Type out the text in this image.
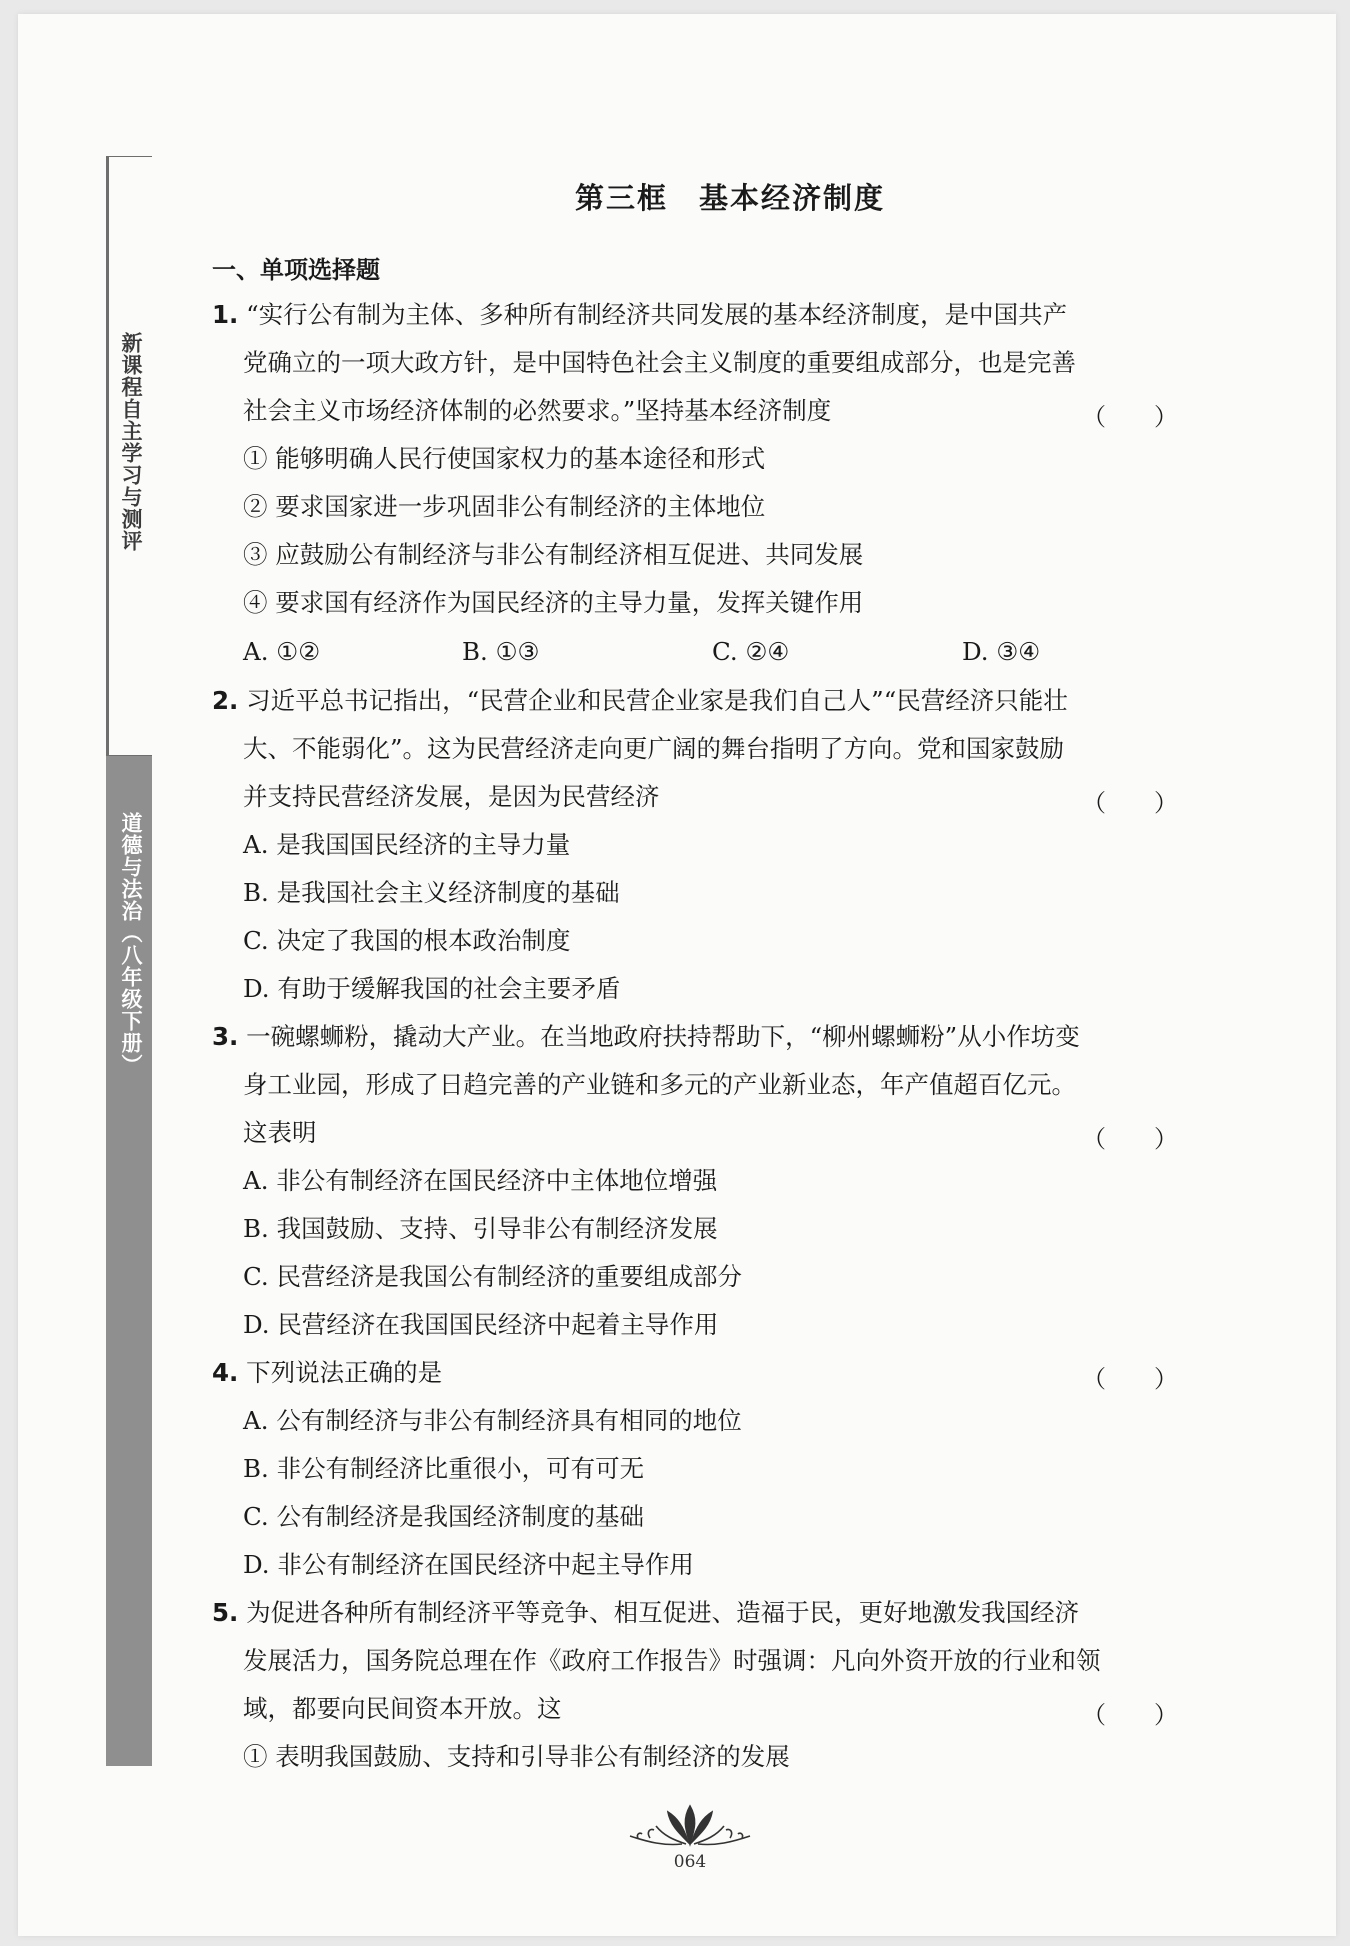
新课程自主学习与测评
道德与法治（八年级下册）
第三框　基本经济制度
一、单项选择题
1. “实行公有制为主体、多种所有制经济共同发展的基本经济制度，是中国共产
党确立的一项大政方针，是中国特色社会主义制度的重要组成部分，也是完善
社会主义市场经济体制的必然要求。”坚持基本经济制度	（　　）
① 能够明确人民行使国家权力的基本途径和形式
② 要求国家进一步巩固非公有制经济的主体地位
③ 应鼓励公有制经济与非公有制经济相互促进、共同发展
④ 要求国有经济作为国民经济的主导力量，发挥关键作用
A. ①②	B. ①③	C. ②④	D. ③④
2. 习近平总书记指出，“民营企业和民营企业家是我们自己人”“民营经济只能壮
大、不能弱化”。这为民营经济走向更广阔的舞台指明了方向。党和国家鼓励
并支持民营经济发展，是因为民营经济	（　　）
A. 是我国国民经济的主导力量
B. 是我国社会主义经济制度的基础
C. 决定了我国的根本政治制度
D. 有助于缓解我国的社会主要矛盾
3. 一碗螺蛳粉，撬动大产业。在当地政府扶持帮助下，“柳州螺蛳粉”从小作坊变
身工业园，形成了日趋完善的产业链和多元的产业新业态，年产值超百亿元。
这表明	（　　）
A. 非公有制经济在国民经济中主体地位增强
B. 我国鼓励、支持、引导非公有制经济发展
C. 民营经济是我国公有制经济的重要组成部分
D. 民营经济在我国国民经济中起着主导作用
4. 下列说法正确的是	（　　）
A. 公有制经济与非公有制经济具有相同的地位
B. 非公有制经济比重很小，可有可无
C. 公有制经济是我国经济制度的基础
D. 非公有制经济在国民经济中起主导作用
5. 为促进各种所有制经济平等竞争、相互促进、造福于民，更好地激发我国经济
发展活力，国务院总理在作《政府工作报告》时强调：凡向外资开放的行业和领
域，都要向民间资本开放。这	（　　）
① 表明我国鼓励、支持和引导非公有制经济的发展
064
